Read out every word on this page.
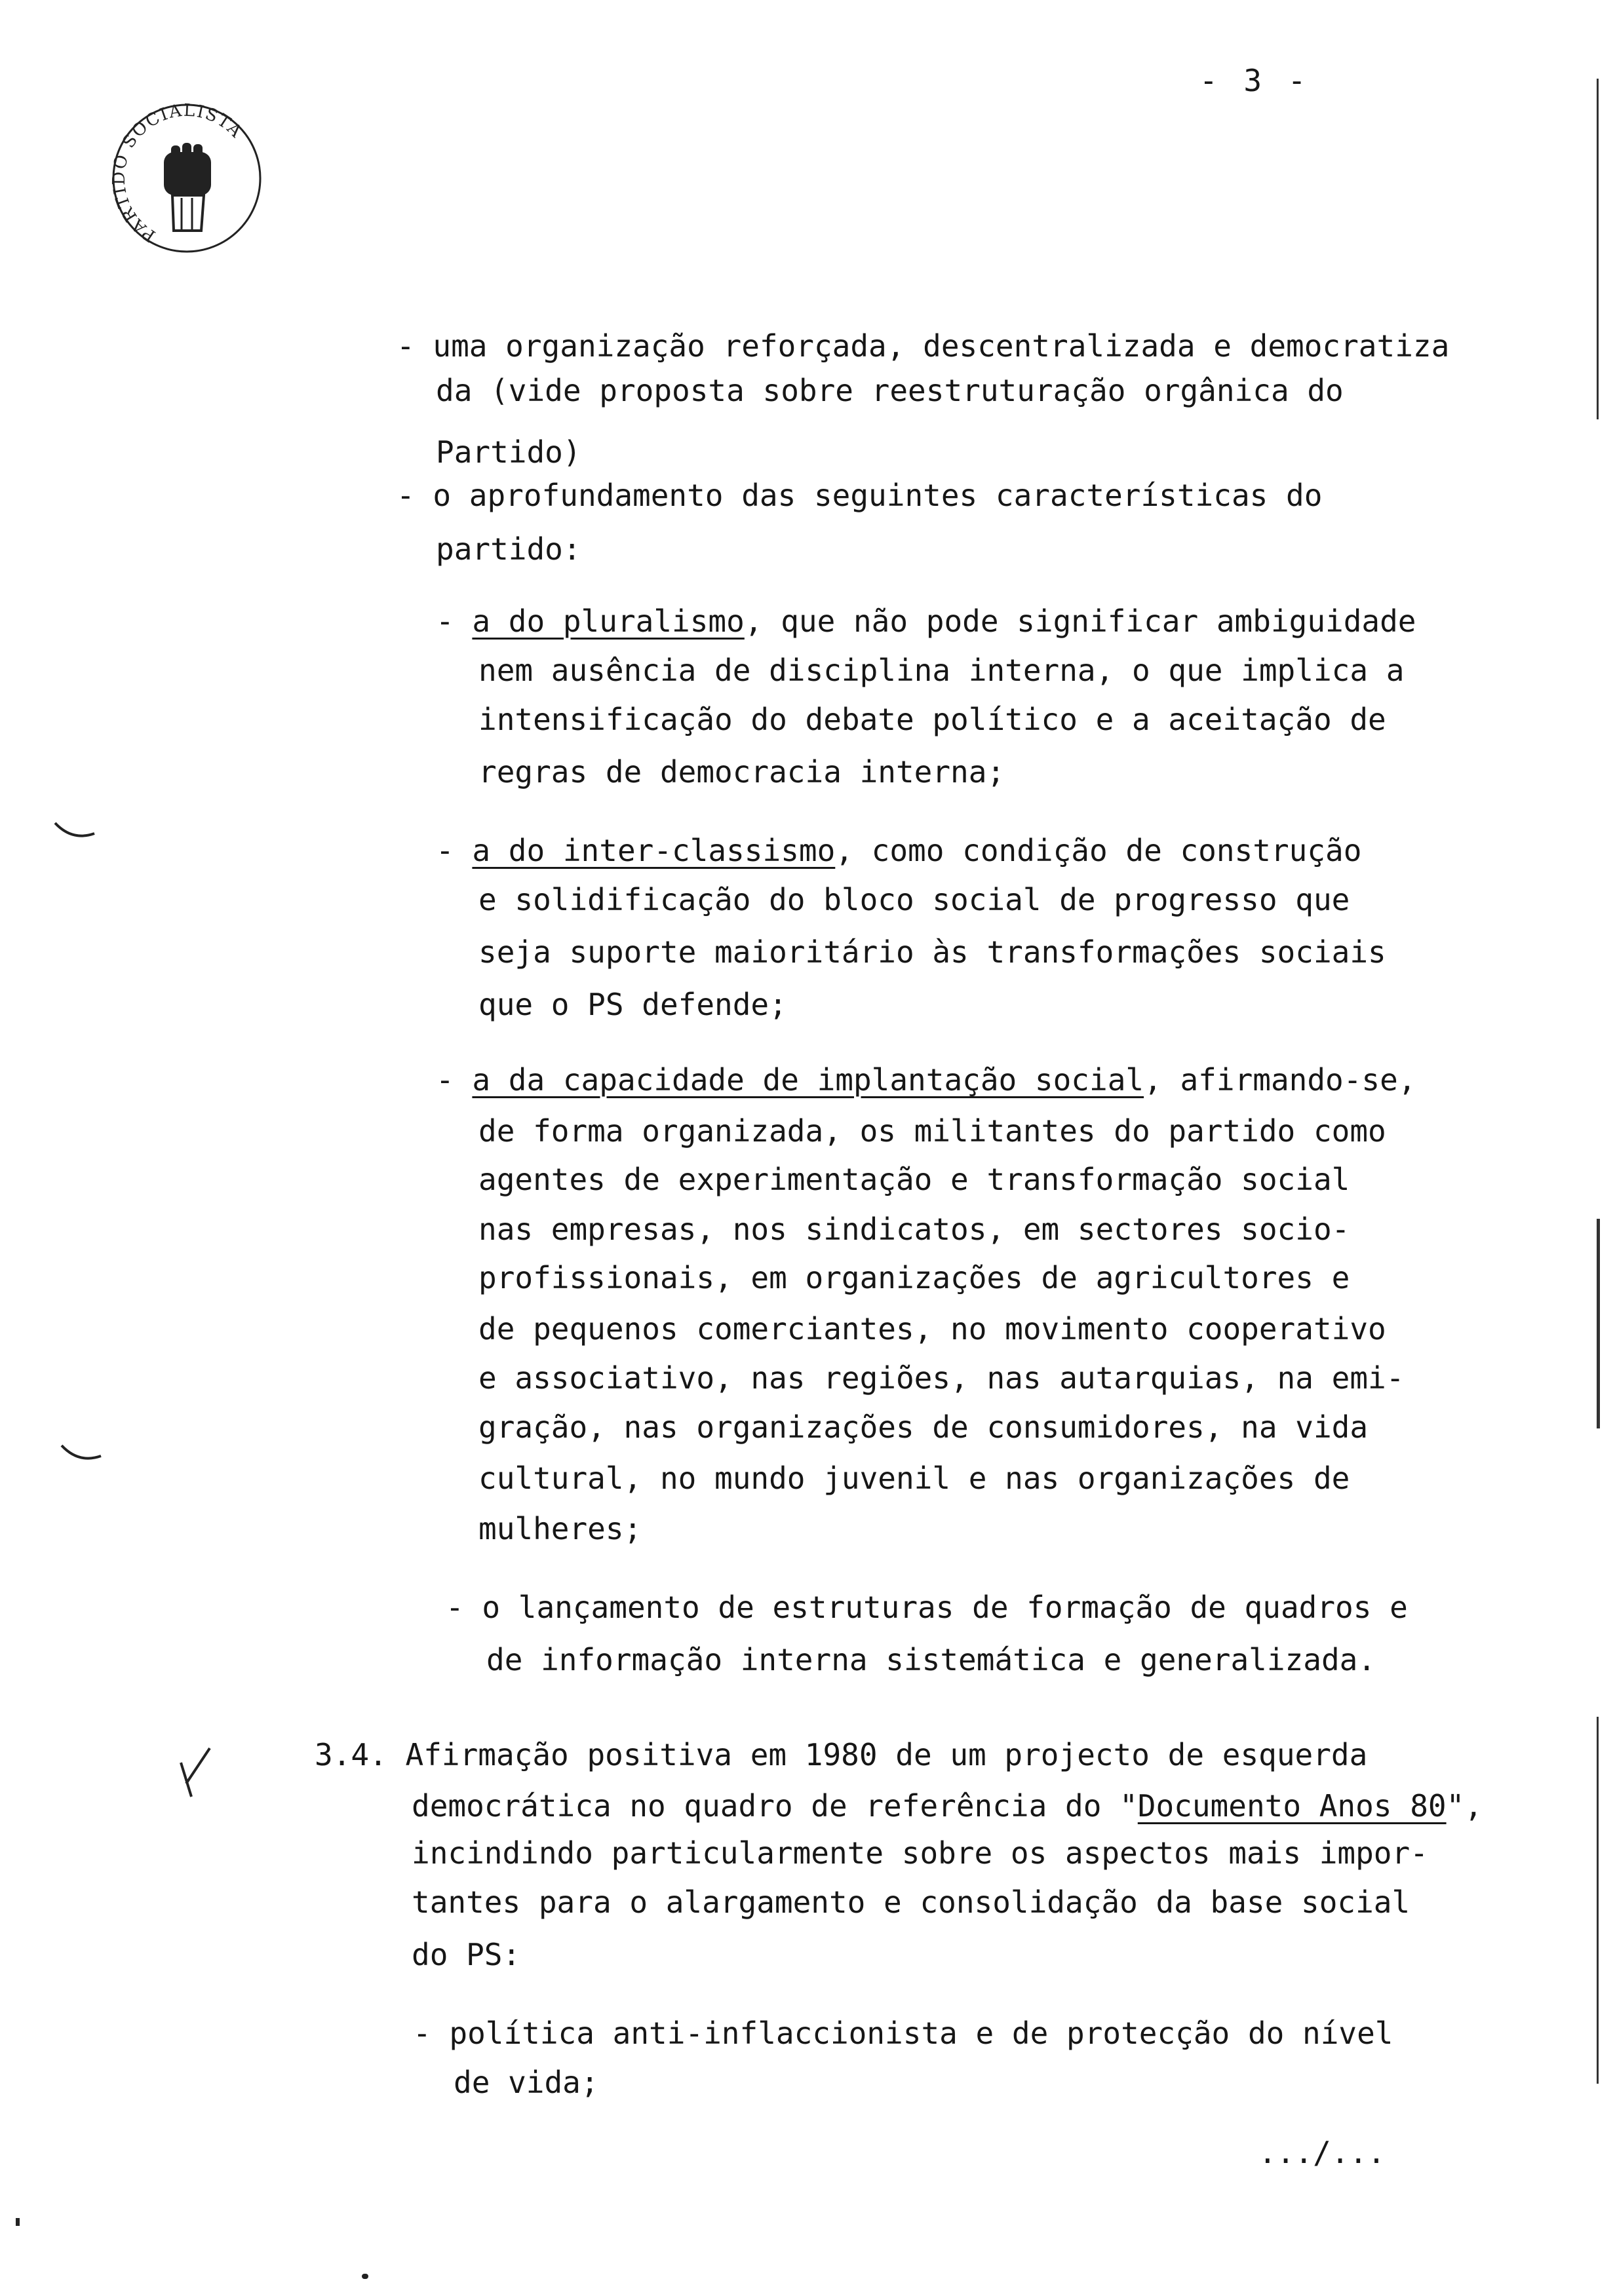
- 3 -
PARTIDO SOCIALISTA
- uma organização reforçada, descentralizada e democratiza
da (vide proposta sobre reestruturação orgânica do
Partido)
- o aprofundamento das seguintes características do
partido:
- a do pluralismo, que não pode significar ambiguidade
nem ausência de disciplina interna, o que implica a
intensificação do debate político e a aceitação de
regras de democracia interna;
- a do inter-classismo, como condição de construção
e solidificação do bloco social de progresso que
seja suporte maioritário às transformações sociais
que o PS defende;
- a da capacidade de implantação social, afirmando-se,
de forma organizada, os militantes do partido como
agentes de experimentação e transformação social
nas empresas, nos sindicatos, em sectores socio-
profissionais, em organizações de agricultores e
de pequenos comerciantes, no movimento cooperativo
e associativo, nas regiões, nas autarquias, na emi-
gração, nas organizações de consumidores, na vida
cultural, no mundo juvenil e nas organizações de
mulheres;
- o lançamento de estruturas de formação de quadros e
de informação interna sistemática e generalizada.
3.4. Afirmação positiva em 1980 de um projecto de esquerda
democrática no quadro de referência do "Documento Anos 80",
incindindo particularmente sobre os aspectos mais impor-
tantes para o alargamento e consolidação da base social
do PS:
- política anti-inflaccionista e de protecção do nível
de vida;
.../...
